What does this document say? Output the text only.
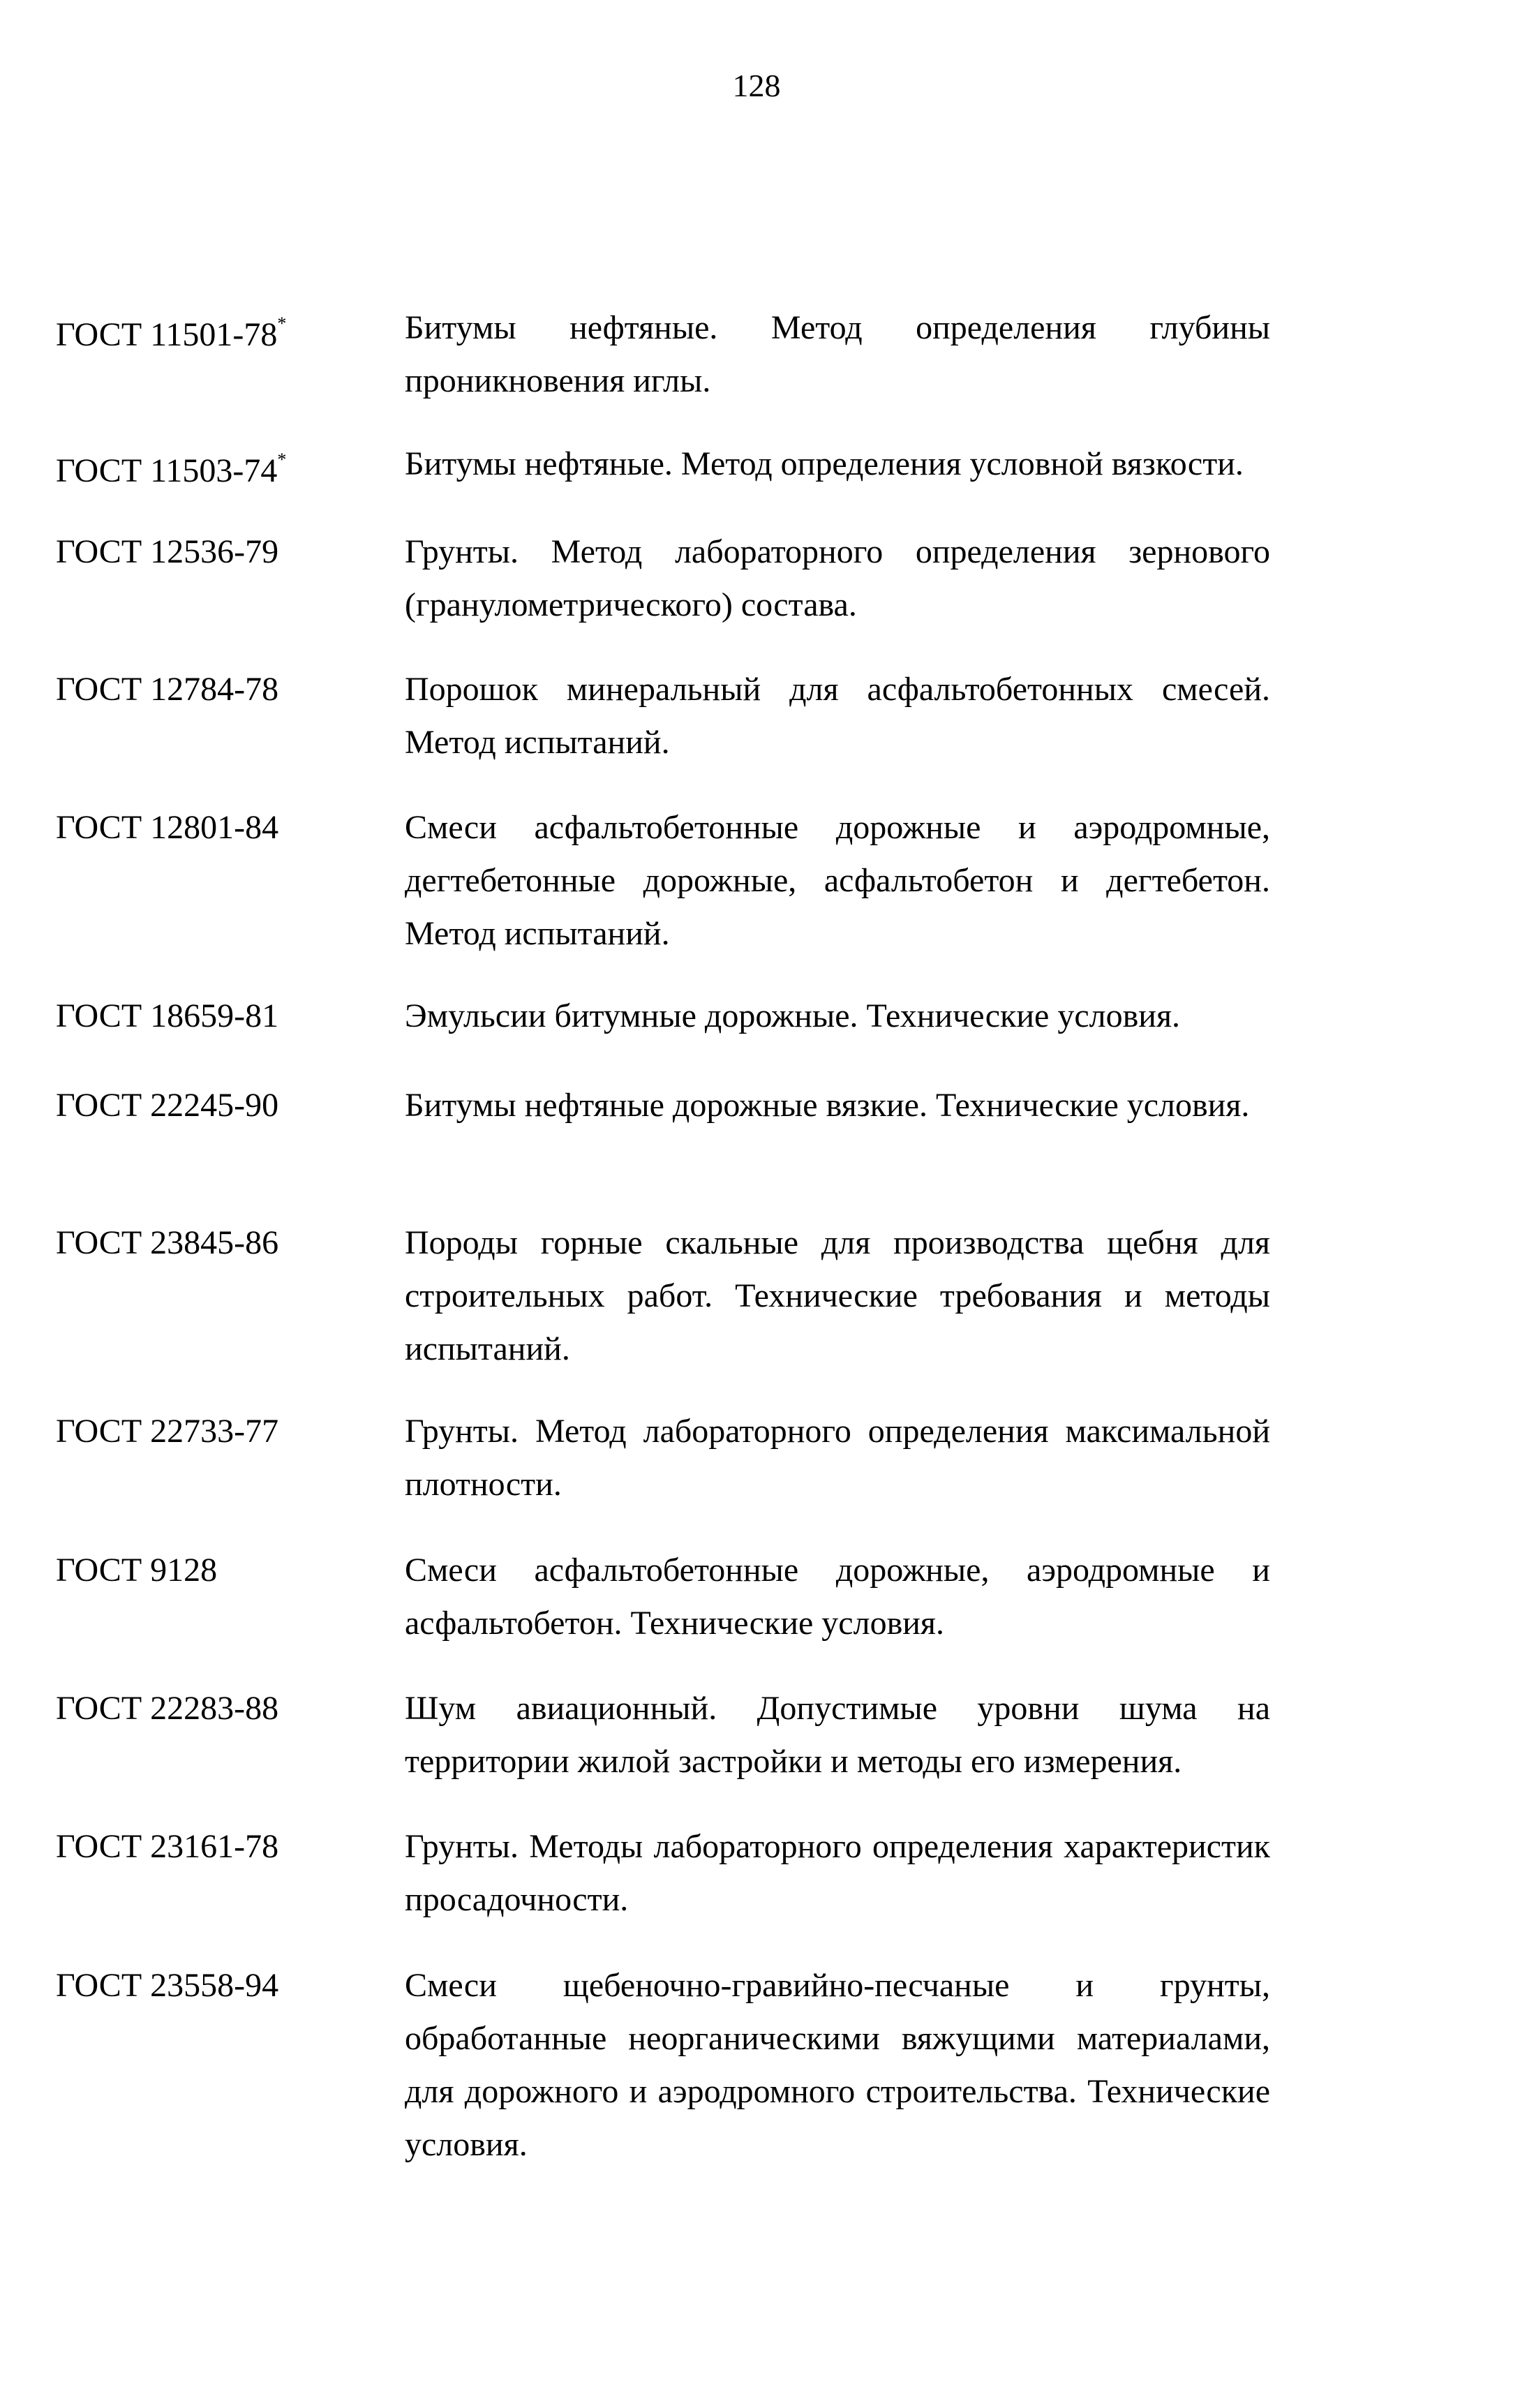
128
ГОСТ 11501-78*	Битумы нефтяные. Метод определения глубины проникновения иглы.
ГОСТ 11503-74*	Битумы нефтяные. Метод определения условной вязкости.
ГОСТ 12536-79	Грунты. Метод лабораторного определения зернового (гранулометрического) состава.
ГОСТ 12784-78	Порошок минеральный для асфальтобетонных смесей. Метод испытаний.
ГОСТ 12801-84	Смеси асфальтобетонные дорожные и аэродромные, дегтебетонные дорожные, асфальтобетон и дегтебетон. Метод испытаний.
ГОСТ 18659-81	Эмульсии битумные дорожные. Технические условия.
ГОСТ 22245-90	Битумы нефтяные дорожные вязкие. Технические условия.
ГОСТ 23845-86	Породы горные скальные для производства щебня для строительных работ. Технические требования и методы испытаний.
ГОСТ 22733-77	Грунты. Метод лабораторного определения максимальной плотности.
ГОСТ 9128	Смеси асфальтобетонные дорожные, аэродромные и асфальтобетон. Технические условия.
ГОСТ 22283-88	Шум авиационный. Допустимые уровни шума на территории жилой застройки и методы его измерения.
ГОСТ 23161-78	Грунты. Методы лабораторного определения характеристик просадочности.
ГОСТ 23558-94	Смеси щебеночно-гравийно-песчаные и грунты, обработанные неорганическими вяжущими материалами, для дорожного и аэродромного строительства. Технические условия.
